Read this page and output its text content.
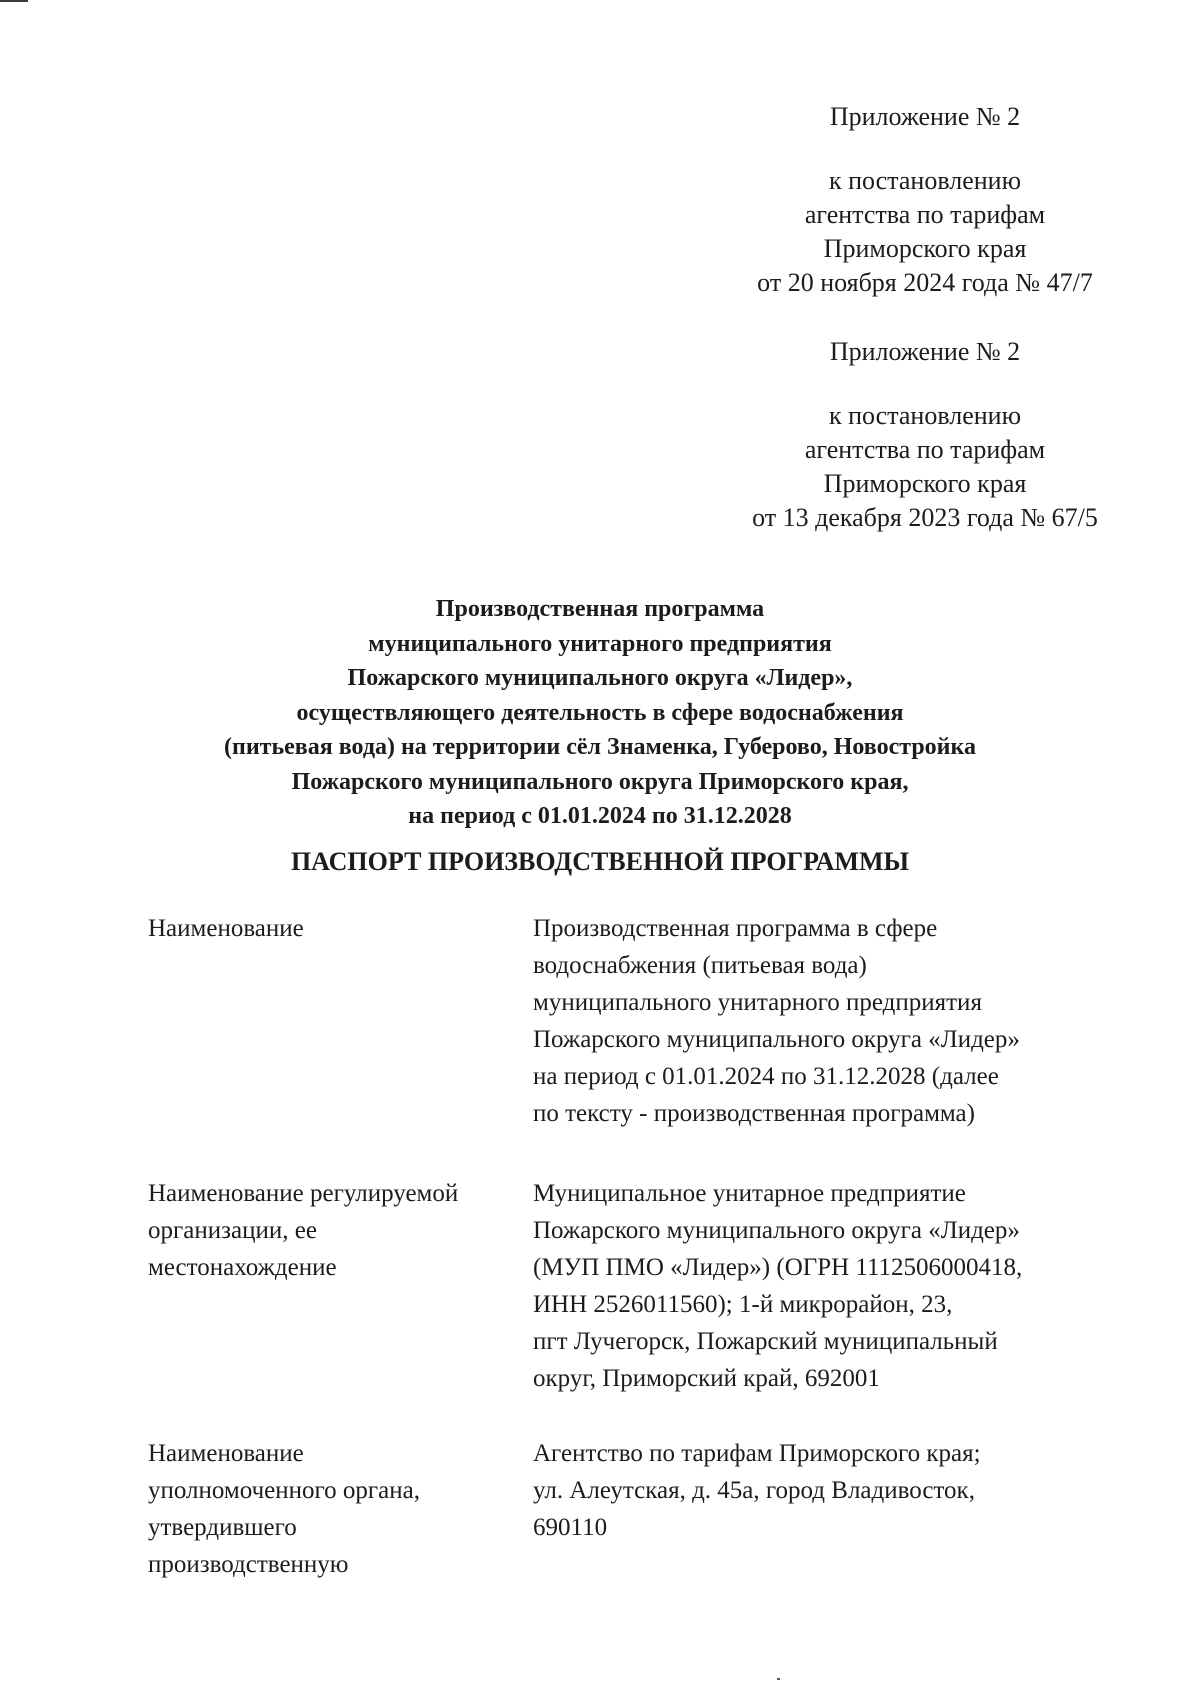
Приложение № 2
к постановлению
агентства по тарифам
Приморского края
от 20 ноября 2024 года № 47/7
Приложение № 2
к постановлению
агентства по тарифам
Приморского края
от 13 декабря 2023 года № 67/5
Производственная программа
муниципального унитарного предприятия
Пожарского муниципального округа «Лидер»,
осуществляющего деятельность в сфере водоснабжения
(питьевая вода) на территории сёл Знаменка, Губерово, Новостройка
Пожарского муниципального округа Приморского края,
на период с 01.01.2024 по 31.12.2028
ПАСПОРТ ПРОИЗВОДСТВЕННОЙ ПРОГРАММЫ
Наименование	Производственная программа в сфере
водоснабжения (питьевая вода)
муниципального унитарного предприятия
Пожарского муниципального округа «Лидер»
на период с 01.01.2024 по 31.12.2028 (далее
по тексту - производственная программа)
Наименование регулируемой
организации, ее
местонахождение
Муниципальное унитарное предприятие
Пожарского муниципального округа «Лидер»
(МУП ПМО «Лидер») (ОГРН 1112506000418,
ИНН 2526011560); 1-й микрорайон, 23,
пгт Лучегорск, Пожарский муниципальный
округ, Приморский край, 692001
Наименование
уполномоченного органа,
утвердившего
производственную
Агентство по тарифам Приморского края;
ул. Алеутская, д. 45а, город Владивосток,
690110
